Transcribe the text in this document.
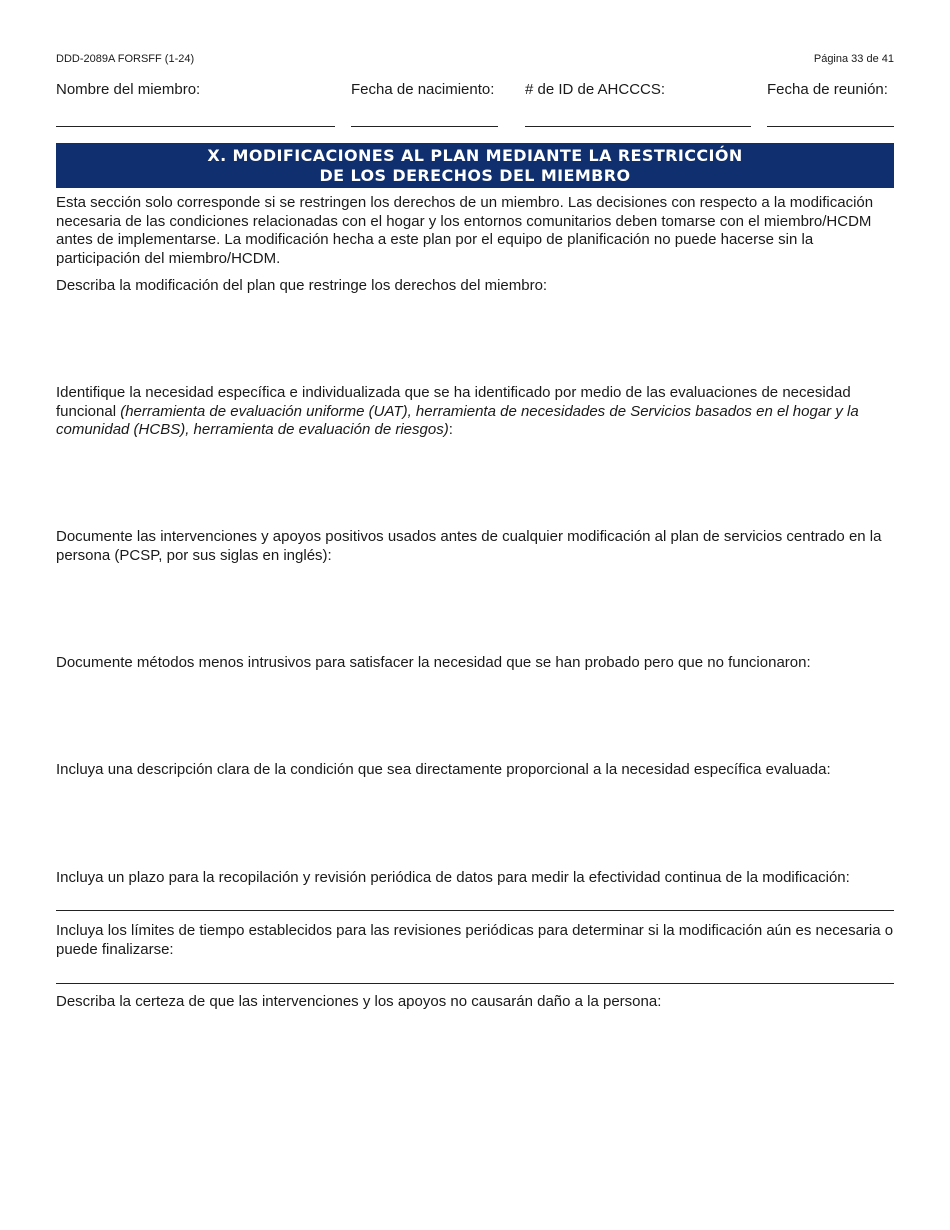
DDD-2089A FORSFF (1-24)	Página 33 de 41
Nombre del miembro:	Fecha de nacimiento: # de ID de AHCCCS:	Fecha de reunión:
X. MODIFICACIONES AL PLAN MEDIANTE LA RESTRICCIÓN
DE LOS DERECHOS DEL MIEMBRO
Esta sección solo corresponde si se restringen los derechos de un miembro. Las decisiones con respecto a la modificación necesaria de las condiciones relacionadas con el hogar y los entornos comunitarios deben tomarse con el miembro/HCDM antes de implementarse. La modificación hecha a este plan por el equipo de planificación no puede hacerse sin la participación del miembro/HCDM.
Describa la modificación del plan que restringe los derechos del miembro:
Identifique la necesidad específica e individualizada que se ha identificado por medio de las evaluaciones de necesidad funcional (herramienta de evaluación uniforme (UAT), herramienta de necesidades de Servicios basados en el hogar y la comunidad (HCBS), herramienta de evaluación de riesgos):
Documente las intervenciones y apoyos positivos usados antes de cualquier modificación al plan de servicios centrado en la persona (PCSP, por sus siglas en inglés):
Documente métodos menos intrusivos para satisfacer la necesidad que se han probado pero que no funcionaron:
Incluya una descripción clara de la condición que sea directamente proporcional a la necesidad específica evaluada:
Incluya un plazo para la recopilación y revisión periódica de datos para medir la efectividad continua de la modificación:
Incluya los límites de tiempo establecidos para las revisiones periódicas para determinar si la modificación aún es necesaria o puede finalizarse:
Describa la certeza de que las intervenciones y los apoyos no causarán daño a la persona:
